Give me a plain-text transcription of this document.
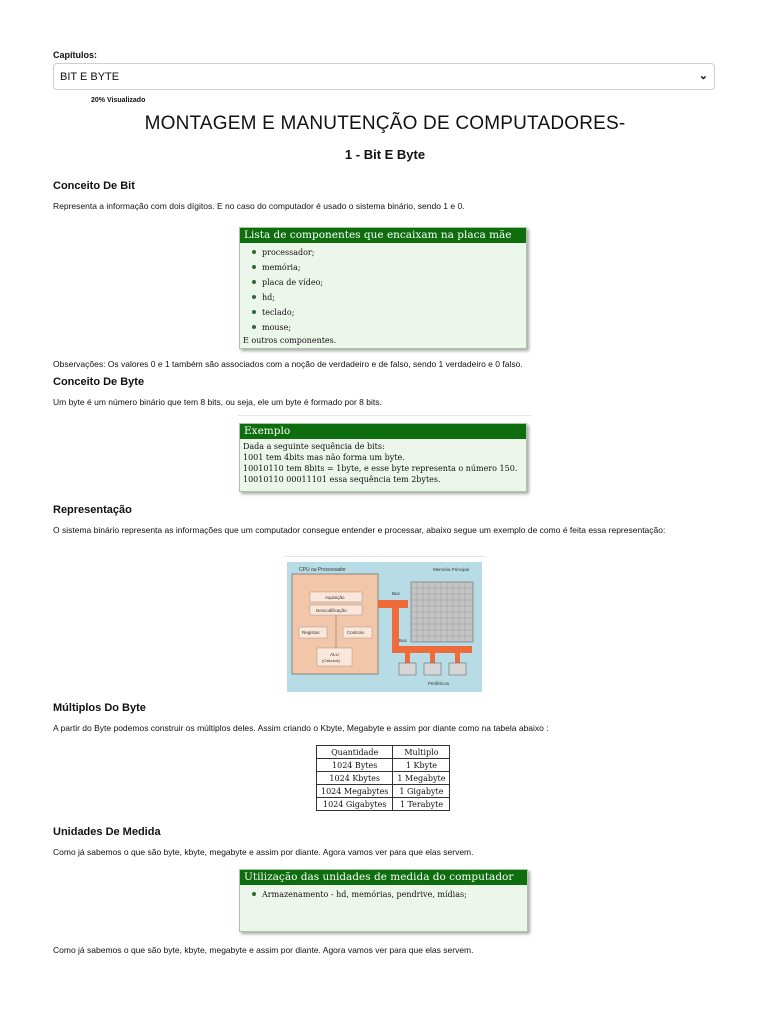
Capítulos:
BIT E BYTE	⌄
20% Visualizado
MONTAGEM E MANUTENÇÃO DE COMPUTADORES-
1 - Bit E Byte
Conceito De Bit
Representa a informação com dois dígitos. E no caso do computador é usado o sistema binário, sendo 1 e 0.
Lista de componentes que encaixam na placa mãe
processador;
memória;
placa de vídeo;
hd;
teclado;
mouse;
E outros componentes.
Observações: Os valores 0 e 1 também são associados com a noção de verdadeiro e de falso, sendo 1 verdadeiro e 0 falso.
Conceito De Byte
Um byte é um número binário que tem 8 bits, ou seja, ele um byte é formado por 8 bits.
Exemplo
Dada a seguinte sequência de bits:
1001 tem 4bits mas não forma um byte.
10010110 tem 8bits = 1byte, e esse byte representa o número 150.
10010110 00011101 essa sequência tem 2bytes.
Representação
O sistema binário representa as informações que um computador consegue entender e processar, abaixo segue um exemplo de como é feita essa representação:
CPU ou Processador
Aquisição
Descodificação
Registos	Controlo
ALU
(Cálculos)
Bus
Bus
Memória Principal
Periféricos
Múltiplos Do Byte
A partir do Byte podemos construir os múltiplos deles. Assim criando o Kbyte, Megabyte e assim por diante como na tabela abaixo :
Quantidade	Multiplo
1024 Bytes	1 Kbyte
1024 Kbytes	1 Megabyte
1024 Megabytes	1 Gigabyte
1024 Gigabytes	1 Terabyte
Unidades De Medida
Como já sabemos o que são byte, kbyte, megabyte e assim por diante. Agora vamos ver para que elas servem.
Utilização das unidades de medida do computador
Armazenamento - hd, memórias, pendrive, mídias;
Como já sabemos o que são byte, kbyte, megabyte e assim por diante. Agora vamos ver para que elas servem.
